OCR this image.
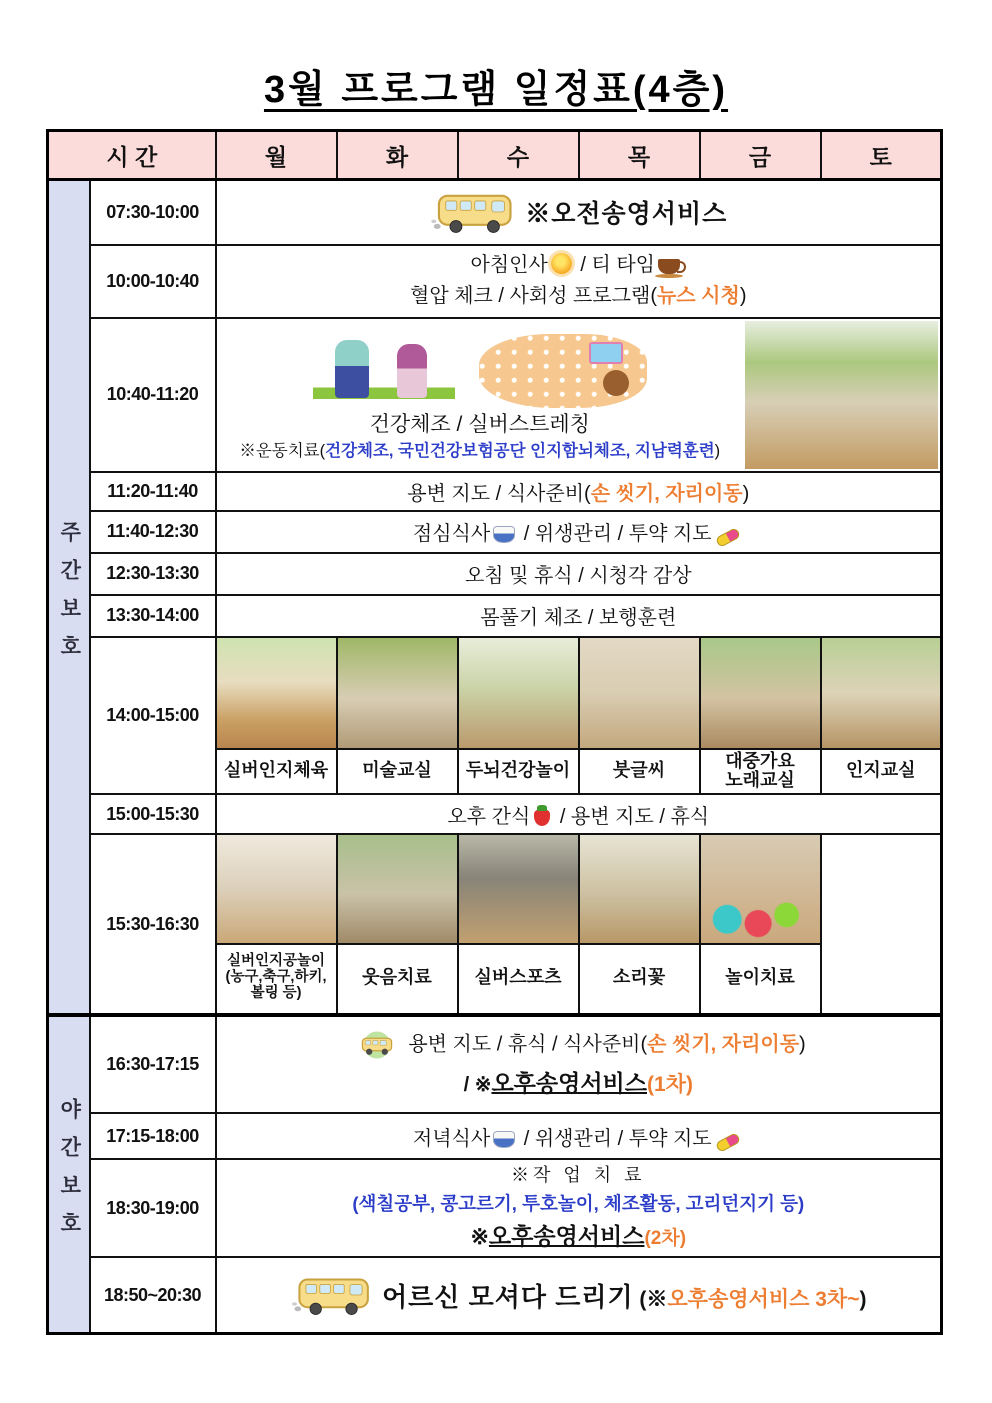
3월 프로그램 일정표(4층)
시 간		월	화	수	목	금	토

주간보호	07:30-10:00	※오전송영서비스					

	10:00-10:40	아침인사 / 티 타임
혈압 체크 / 사회성 프로그램(뉴스 시청)					

	10:40-11:20	건강체조 / 실버스트레칭
※운동치료(건강체조, 국민건강보험공단 인지함뇌체조, 지남력훈련)					

	11:20-11:40	용변 지도 / 식사준비(손 씻기, 자리이동)					
	11:40-12:30	점심식사 / 위생관리 / 투약 지도					
	12:30-13:30	오침 및 휴식 / 시청각 감상					
	13:30-14:00	몸풀기 체조 / 보행훈련					
	14:00-15:00	실버인지체육	미술교실	두뇌건강놀이	붓글씨	대중가요
노래교실	인지교실

	15:00-15:30	오후 간식 / 용변 지도 / 휴식					
	15:30-16:30	실버인지공놀이
(농구,축구,하키,
볼링 등)	웃음치료	실버스포츠	소리꽃	놀이치료	

야간보호	16:30-17:15	용변 지도 / 휴식 / 식사준비(손 씻기, 자리이동)
/ ※오후송영서비스(1차)					

	17:15-18:00	저녁식사 / 위생관리 / 투약 지도					
	18:30-19:00	※작 업 치 료
(색칠공부, 콩고르기, 투호놀이, 체조활동, 고리던지기 등)
※오후송영서비스(2차)					

	18:50~20:30	어르신 모셔다 드리기 (※오후송영서비스 3차~)					
